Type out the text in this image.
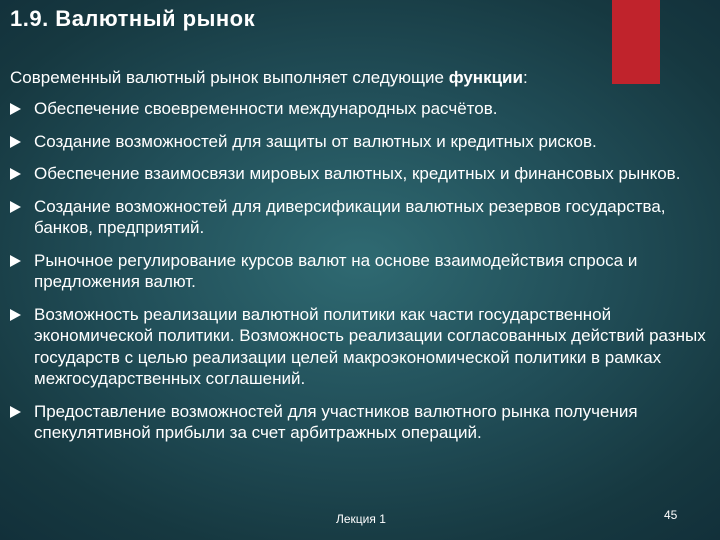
1.9. Валютный рынок
Современный валютный рынок выполняет следующие функции:
Обеспечение своевременности международных расчётов.
Создание возможностей для защиты от валютных и кредитных рисков.
Обеспечение взаимосвязи мировых валютных, кредитных и финансовых рынков.
Создание возможностей для диверсификации валютных резервов государства, банков, предприятий.
Рыночное регулирование курсов валют на основе взаимодействия спроса и предложения валют.
Возможность реализации валютной политики как части государственной экономической политики. Возможность реализации согласованных действий разных государств с целью реализации целей макроэкономической политики в рамках межгосударственных соглашений.
Предоставление возможностей для участников валютного рынка получения спекулятивной прибыли за счет арбитражных операций.
Лекция 1	45
